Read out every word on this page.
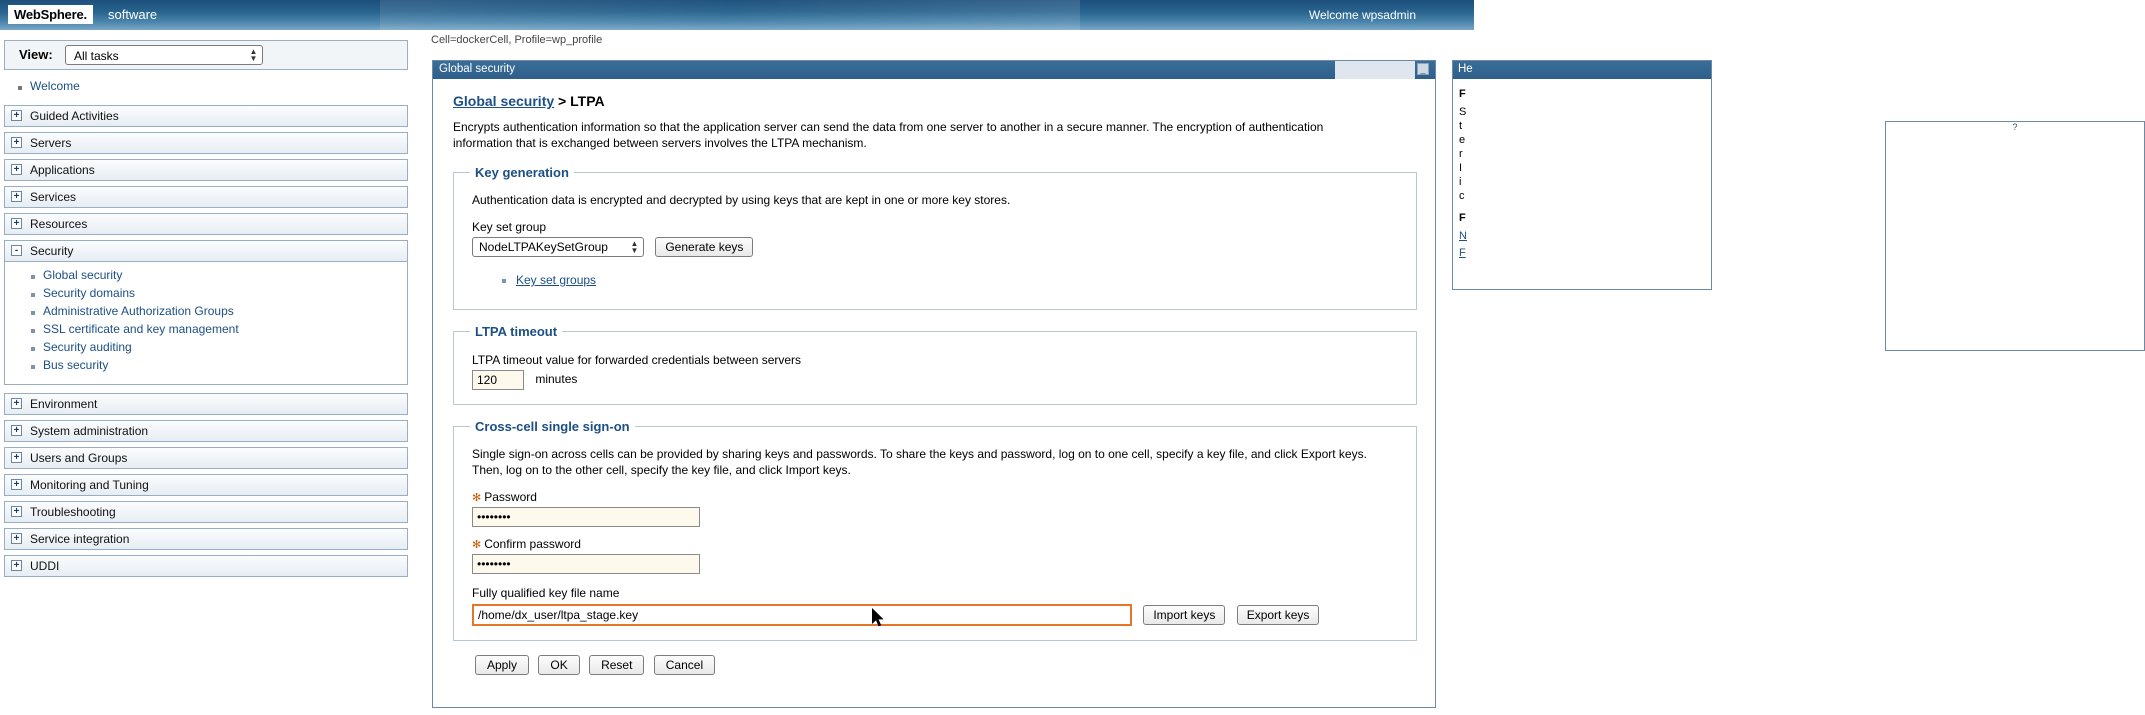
WebSphere.	software	Welcome wpsadmin
Cell=dockerCell, Profile=wp_profile
View: All tasks	▲
▼
Welcome
+ Guided Activities
+ Servers
+ Applications
+ Services
+ Resources
- Security
Global security
Security domains
Administrative Authorization Groups
SSL certificate and key management
Security auditing
Bus security
+ Environment
+ System administration
+ Users and Groups
+ Monitoring and Tuning
+ Troubleshooting
+ Service integration
+ UDDI
Global security
?
_
Global security > LTPA
Encrypts authentication information so that the application server can send the data from one server to another in a secure manner. The encryption of authentication information that is exchanged between servers involves the LTPA mechanism.
Key generation

Authentication data is encrypted and decrypted by using keys that are kept in one or more key stores.

Key set group
NodeLTPAKeySetGroup	▲
▼ Generate keys
Key set groups
LTPA timeout
LTPA timeout value for forwarded credentials between servers
120 minutes
Cross-cell single sign-on

Single sign-on across cells can be provided by sharing keys and passwords. To share the keys and password, log on to one cell, specify a key file, and click Export keys. Then, log on to the other cell, specify the key file, and click Import keys.

✻ Password
••••••••
✻ Confirm password
••••••••
Fully qualified key file name
/home/dx_user/ltpa_stage.key Import keys	Export keys
Apply	OK	Reset	Cancel
He
F
S
t
e
r
I
i
c
F
N
F
